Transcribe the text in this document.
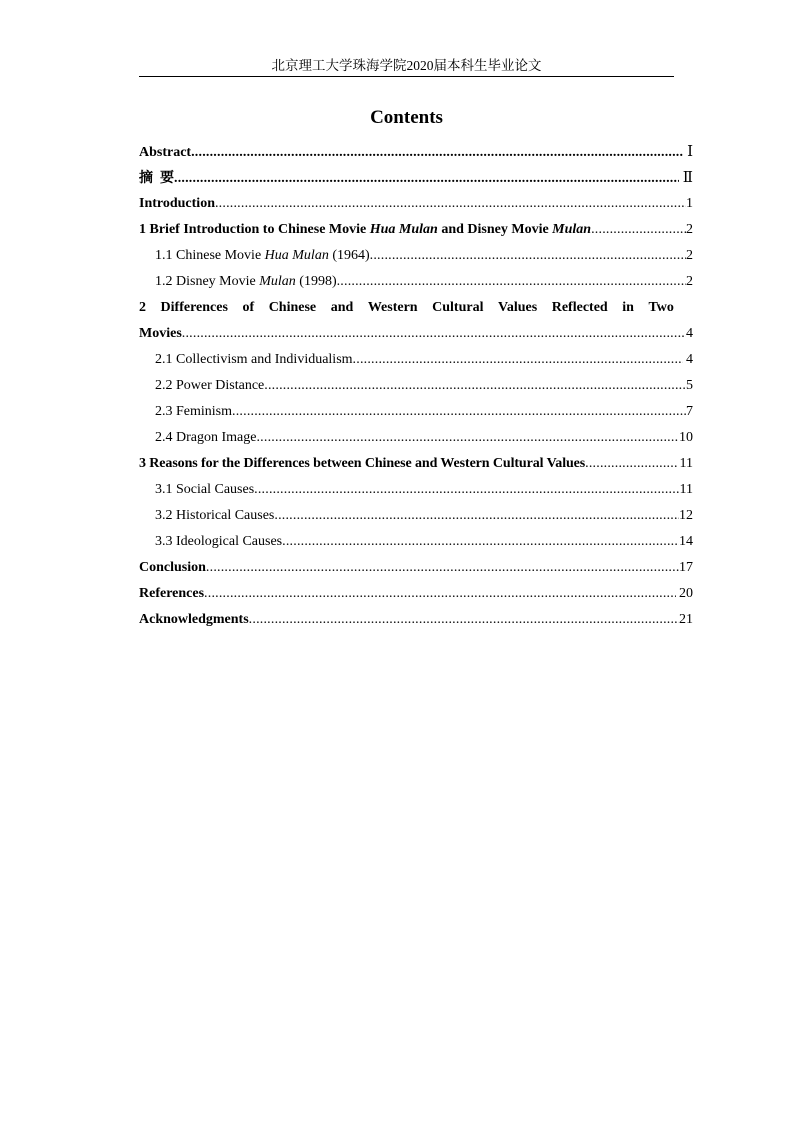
北京理工大学珠海学院2020届本科生毕业论文
Contents
Abstract .....	Ⅰ
摘  要 .....	Ⅱ
Introduction .....	1
1 Brief Introduction to Chinese Movie Hua Mulan and Disney Movie Mulan .....	2
1.1 Chinese Movie Hua Mulan (1964) .....	2
1.2 Disney Movie Mulan (1998) .....	2
2 Differences of Chinese and Western Cultural Values Reflected in Two
Movies .....	4
2.1 Collectivism and Individualism .....	4
2.2 Power Distance .....	5
2.3 Feminism .....	7
2.4 Dragon Image .....	10
3 Reasons for the Differences between Chinese and Western Cultural Values .....	11
3.1 Social Causes .....	11
3.2 Historical Causes .....	12
3.3 Ideological Causes .....	14
Conclusion .....	17
References .....	20
Acknowledgments .....	21
